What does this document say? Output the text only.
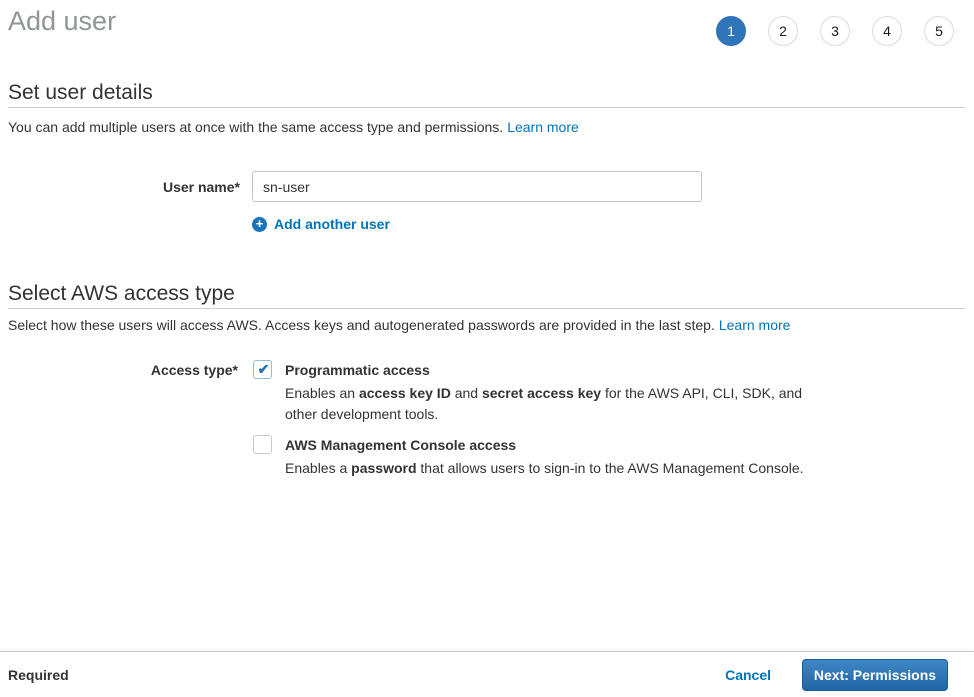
Add user	1	2	3	4	5
Set user details

You can add multiple users at once with the same access type and permissions. Learn more

User name*
sn-user
+ Add another user
Select AWS access type

Select how these users will access AWS. Access keys and autogenerated passwords are provided in the last step. Learn more

Access type* ✔ Programmatic access
Enables an access key ID and secret access key for the AWS API, CLI, SDK, and other development tools.
AWS Management Console access
Enables a password that allows users to sign-in to the AWS Management Console.
Required	Cancel	Next: Permissions
